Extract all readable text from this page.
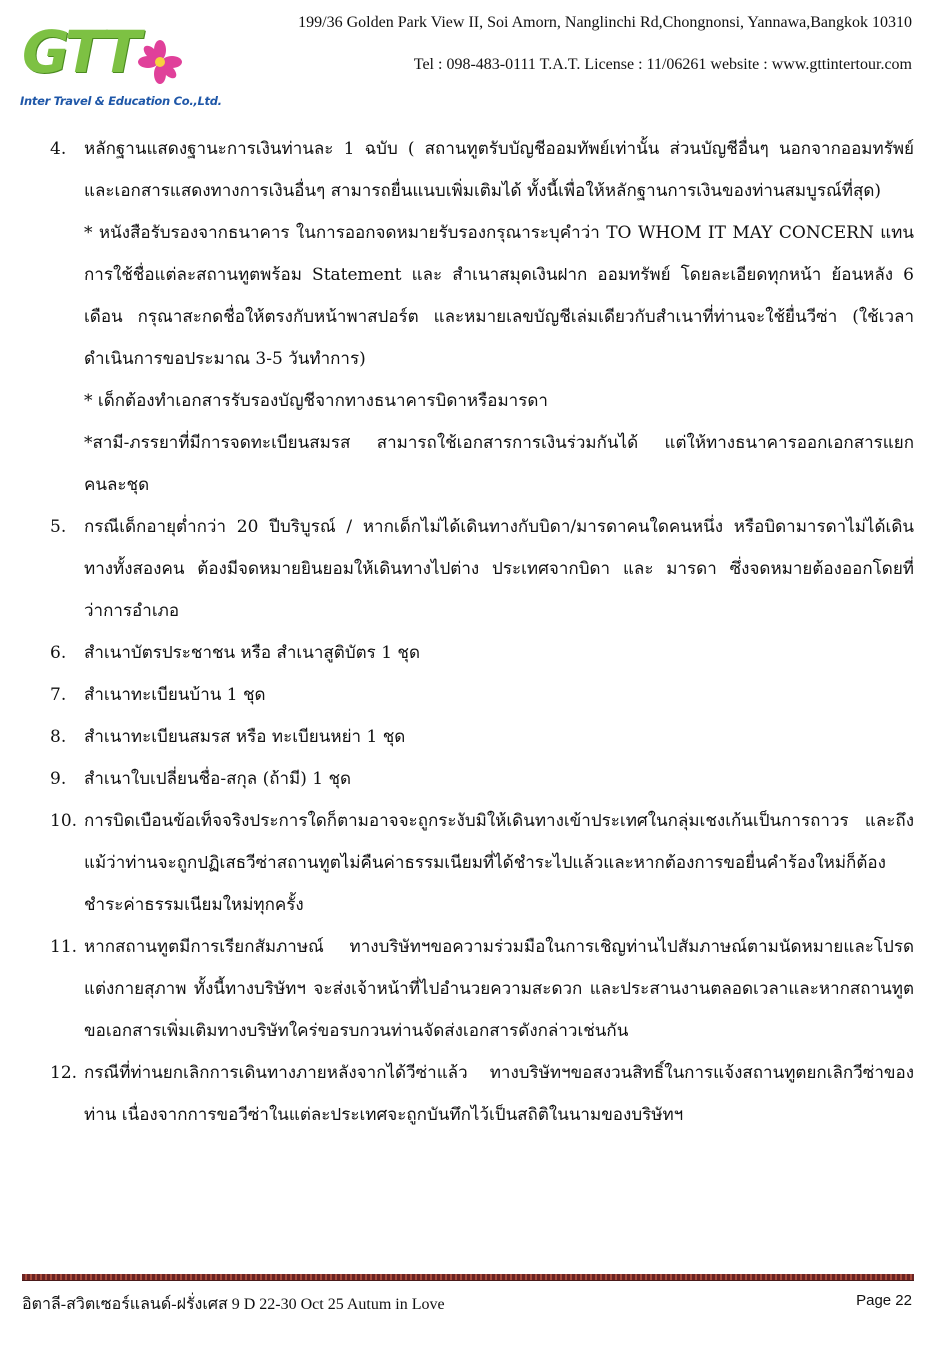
GTT
Inter Travel & Education Co.,Ltd.
199/36 Golden Park View II, Soi Amorn, Nanglinchi Rd,Chongnonsi, Yannawa,Bangkok 10310
Tel : 098-483-0111 T.A.T. License : 11/06261 website : www.gttintertour.com
4. หลักฐานแสดงฐานะการเงินท่านละ 1 ฉบับ ( สถานทูตรับบัญชีออมทัพย์เท่านั้น ส่วนบัญชีอื่นๆ นอกจากออมทรัพย์และเอกสารแสดงทางการเงินอื่นๆ สามารถยื่นแนบเพิ่มเติมได้ ทั้งนี้เพื่อให้หลักฐานการเงินของท่านสมบูรณ์ที่สุด)

* หนังสือรับรองจากธนาคาร ในการออกจดหมายรับรองกรุณาระบุคำว่า TO WHOM IT MAY CONCERN แทนการใช้ชื่อแต่ละสถานทูตพร้อม Statement และ สำเนาสมุดเงินฝาก ออมทรัพย์ โดยละเอียดทุกหน้า ย้อนหลัง 6 เดือน กรุณาสะกดชื่อให้ตรงกับหน้าพาสปอร์ต และหมายเลขบัญชีเล่มเดียวกับสำเนาที่ท่านจะใช้ยื่นวีซ่า (ใช้เวลาดำเนินการขอประมาณ 3-5 วันทำการ)

* เด็กต้องทำเอกสารรับรองบัญชีจากทางธนาคารบิดาหรือมารดา

*สามี-ภรรยาที่มีการจดทะเบียนสมรส สามารถใช้เอกสารการเงินร่วมกันได้ แต่ให้ทางธนาคารออกเอกสารแยกคนละชุด

5. กรณีเด็กอายุต่ำกว่า 20 ปีบริบูรณ์ / หากเด็กไม่ได้เดินทางกับบิดา/มารดาคนใดคนหนึ่ง หรือบิดามารดาไม่ได้เดินทางทั้งสองคน ต้องมีจดหมายยินยอมให้เดินทางไปต่าง ประเทศจากบิดา และ มารดา ซึ่งจดหมายต้องออกโดยที่ว่าการอำเภอ

6. สำเนาบัตรประชาชน หรือ สำเนาสูติบัตร 1 ชุด

7. สำเนาทะเบียนบ้าน 1 ชุด

8. สำเนาทะเบียนสมรส หรือ ทะเบียนหย่า 1 ชุด

9. สำเนาใบเปลี่ยนชื่อ-สกุล (ถ้ามี) 1 ชุด

10. การบิดเบือนข้อเท็จจริงประการใดก็ตามอาจจะถูกระงับมิให้เดินทางเข้าประเทศในกลุ่มเชงเก้นเป็นการถาวร และถึงแม้ว่าท่านจะถูกปฏิเสธวีซ่าสถานทูตไม่คืนค่าธรรมเนียมที่ได้ชำระไปแล้วและหากต้องการขอยื่นคำร้องใหม่ก็ต้องชำระค่าธรรมเนียมใหม่ทุกครั้ง

11. หากสถานทูตมีการเรียกสัมภาษณ์ ทางบริษัทฯขอความร่วมมือในการเชิญท่านไปสัมภาษณ์ตามนัดหมายและโปรดแต่งกายสุภาพ ทั้งนี้ทางบริษัทฯ จะส่งเจ้าหน้าที่ไปอำนวยความสะดวก และประสานงานตลอดเวลาและหากสถานทูตขอเอกสารเพิ่มเติมทางบริษัทใคร่ขอรบกวนท่านจัดส่งเอกสารดังกล่าวเช่นกัน

12. กรณีที่ท่านยกเลิกการเดินทางภายหลังจากได้วีซ่าแล้ว ทางบริษัทฯขอสงวนสิทธิ์ในการแจ้งสถานทูตยกเลิกวีซ่าของท่าน เนื่องจากการขอวีซ่าในแต่ละประเทศจะถูกบันทึกไว้เป็นสถิติในนามของบริษัทฯ

อิตาลี-สวิตเซอร์แลนด์-ฝรั่งเศส 9 D 22-30 Oct 25 Autum in Love	Page 22
